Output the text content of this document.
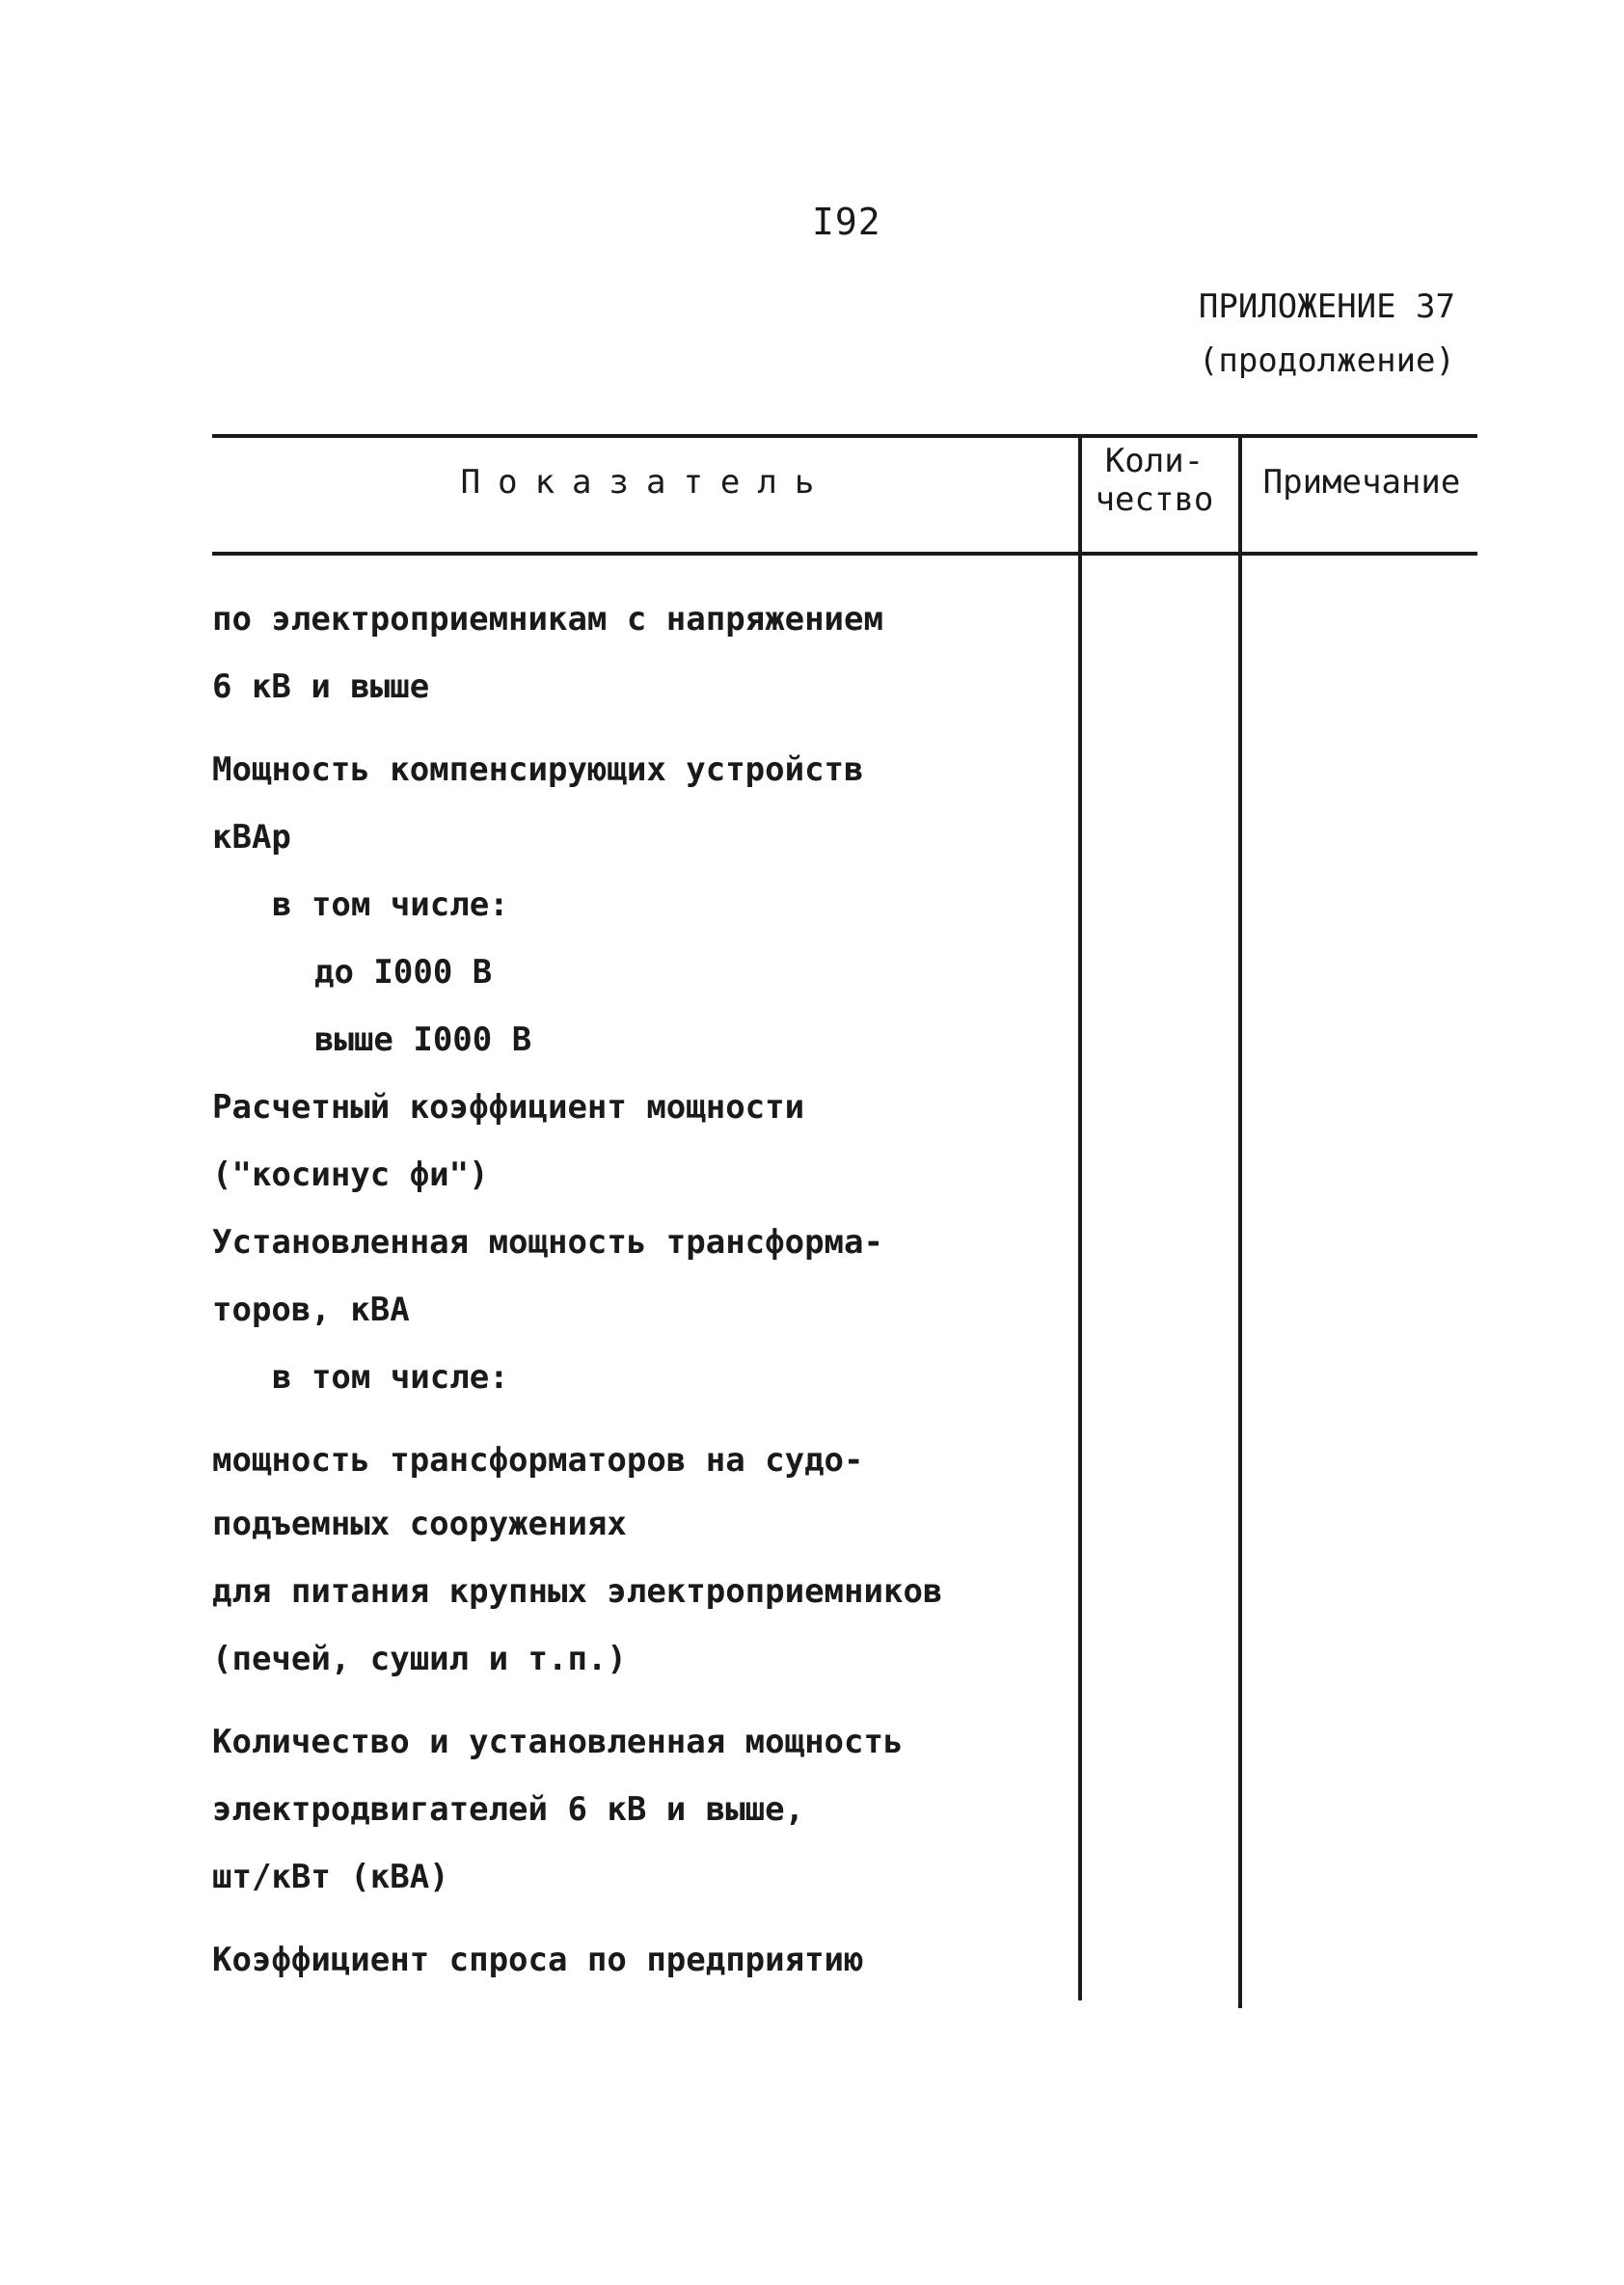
I92
ПРИЛОЖЕНИЕ 37
(продолжение)
Показатель
Коли-
чество	Примечание
по электроприемникам с напряжением
6 кВ и выше
Мощность компенсирующих устройств
кВАр
в том числе:
до I000 В
выше I000 В
Расчетный коэффициент мощности
("косинус фи")
Установленная мощность трансформа-
торов, кВА
в том числе:
мощность трансформаторов на судо-
подъемных сооружениях
для питания крупных электроприемников
(печей, сушил и т.п.)
Количество и установленная мощность
электродвигателей 6 кВ и выше,
шт/кВт (кВА)
Коэффициент спроса по предприятию
